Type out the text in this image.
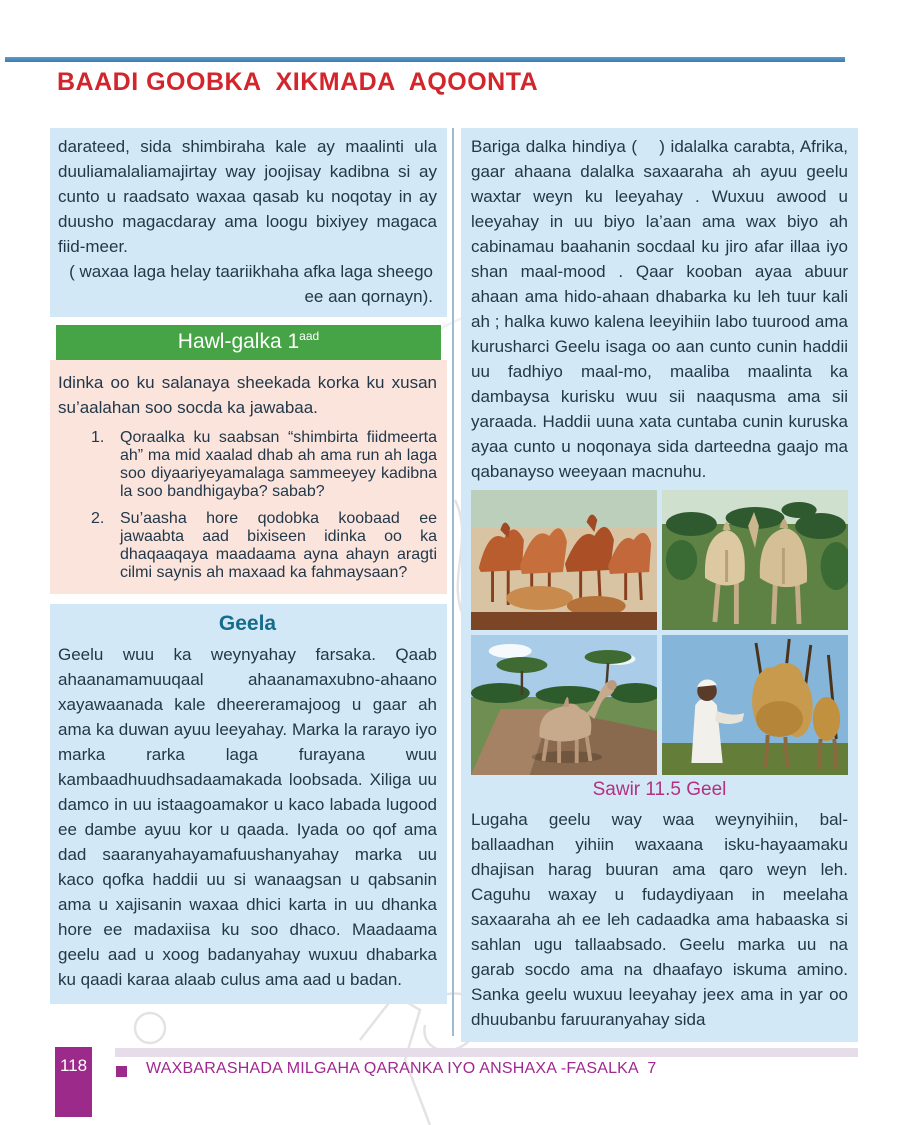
BAADI GOOBKA  XIKMADA  AQOONTA

darateed, sida shimbiraha kale ay maalinti ula duuliamalaliamajirtay way joojisay kadibna si ay cunto u raadsato waxaa qasab ku noqotay in ay duusho magacdaray ama loogu bixiyey magaca fiid-meer.

( waxaa laga helay taariikhaha afka laga sheego ee aan qornayn).

Hawl-galka $1^{aad}$

Idinka oo ku salanaya sheekada korka ku xusan su’aalahan soo socda ka jawabaa.

1. Qoraalka ku saabsan “shimbirta fiidmeerta ah” ma mid xaalad dhab ah ama run ah laga soo diyaariyeyamalaga sammeeyey kadibna la soo bandhigayba? sabab?
2. Su’aasha hore qodobka koobaad ee jawaabta aad bixiseen idinka oo ka dhaqaaqaya maadaama ayna ahayn aragti cilmi saynis ah maxaad ka fahmaysaan?
Geela

Geelu wuu ka weynyahay farsaka. Qaab ahaanamamuuqaal ahaanamaxubno-ahaano xayawaanada kale dheereramajoog u gaar ah ama ka duwan ayuu leeyahay. Marka la rarayo iyo marka rarka laga furayana wuu kambaadhuudhsadaamakada loobsada. Xiliga uu damco in uu istaagoamakor u kaco labada lugood ee dambe ayuu kor u qaada. Iyada oo qof ama dad saaranyahayamafuushanyahay marka uu kaco qofka haddii uu si wanaagsan u qabsanin ama u xajisanin waxaa dhici karta in uu dhanka hore ee madaxiisa ku soo dhaco. Maadaama geelu aad u xoog badanyahay wuxuu dhabarka ku qaadi karaa alaab culus ama aad u badan.

Bariga dalka hindiya (    ) idalalka carabta, Afrika, gaar ahaana dalalka saxaaraha ah ayuu geelu waxtar weyn ku leeyahay . Wuxuu awood u leeyahay in uu biyo la’aan ama wax biyo ah cabinamau baahanin socdaal ku jiro afar illaa iyo shan maal-mood . Qaar kooban ayaa abuur ahaan ama hido-ahaan dhabarka ku leh tuur kali ah ; halka kuwo kalena leeyihiin labo tuurood ama kurusharci Geelu isaga oo aan cunto cunin haddii uu fadhiyo maal-mo, maaliba maalinta ka dambaysa kurisku wuu sii naaqusma ama sii yaraada. Haddii uuna xata cuntaba cunin kuruska ayaa cunto u noqonaya sida darteedna gaajo ma qabanayso weeyaan macnuhu.

Sawir 11.5 Geel

Lugaha geelu way waa weynyihiin, bal-ballaadhan yihiin waxaana isku-hayaamaku dhajisan harag buuran ama qaro weyn leh. Caguhu waxay u fudaydiyaan in meelaha saxaaraha ah ee leh cadaadka ama habaaska si sahlan ugu tallaabsado. Geelu marka uu na garab socdo ama na dhaafayo iskuma amino. Sanka geelu wuxuu leeyahay jeex ama in yar oo dhuubanbu faruuranyahay sida

118	WAXBARASHADA MILGAHA QARANKA IYO ANSHAXA -FASALKA  7
